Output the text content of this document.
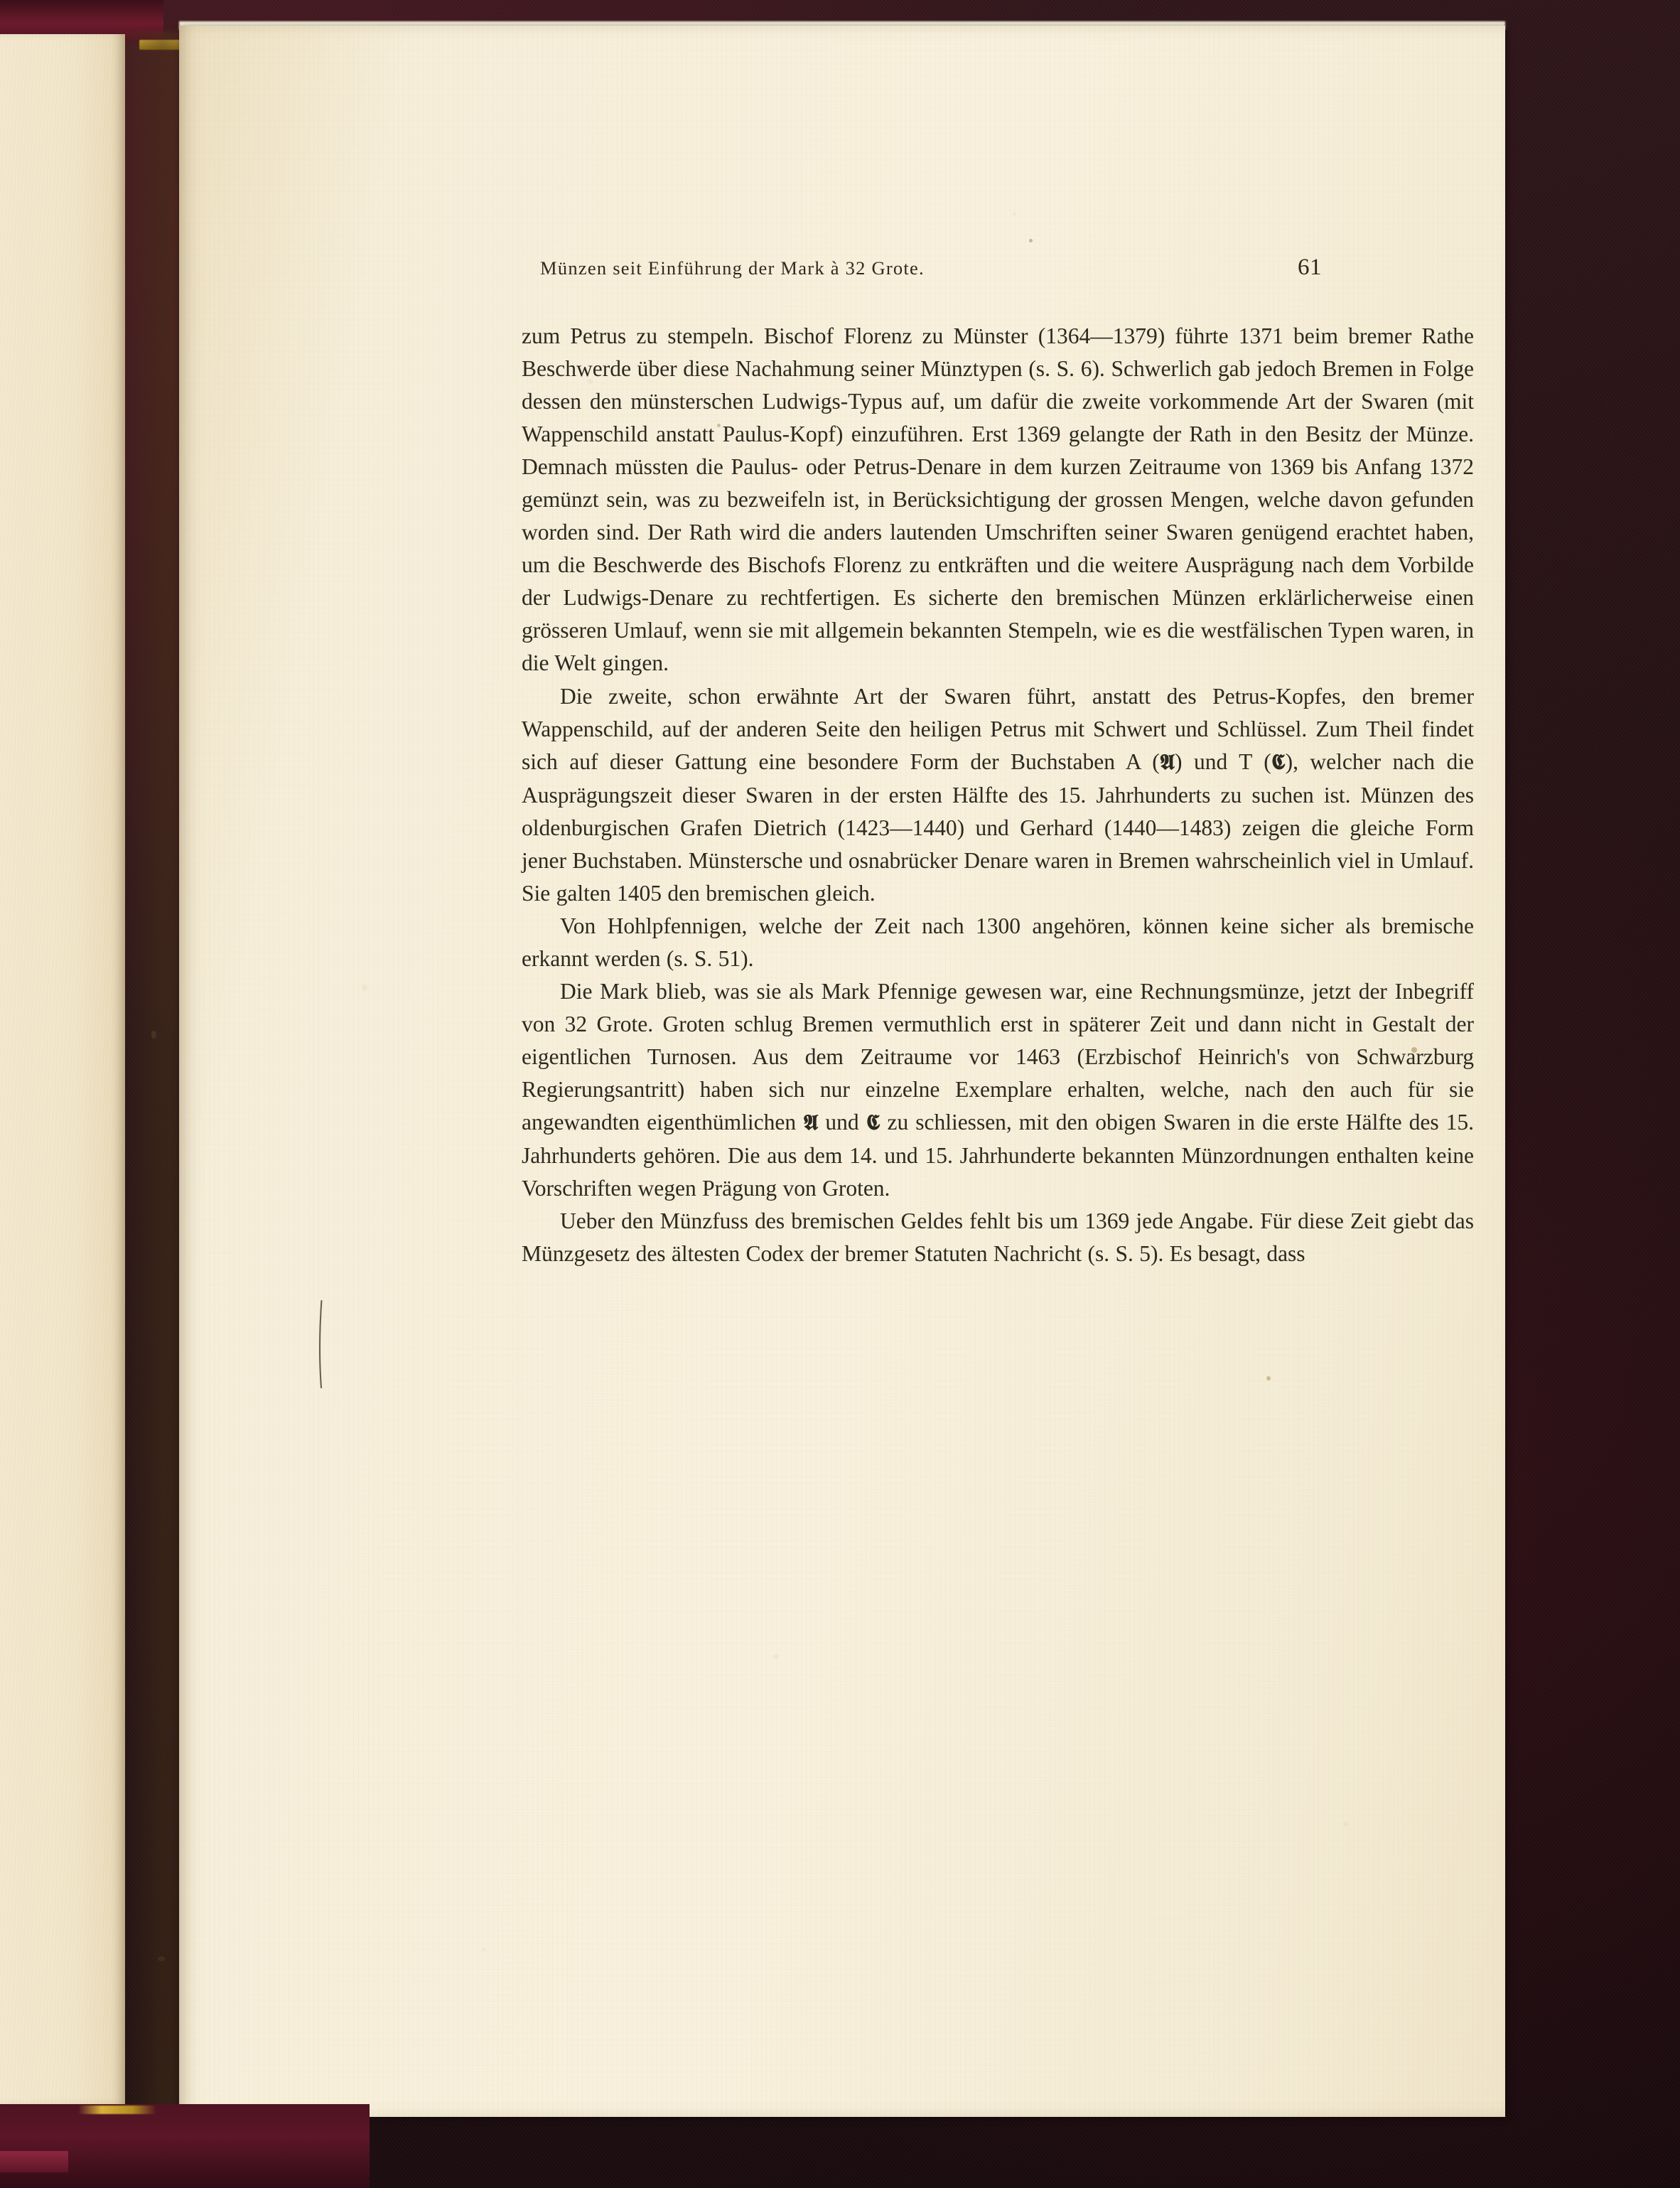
Münzen seit Einführung der Mark à 32 Grote.	61

zum Petrus zu stempeln. Bischof Florenz zu Münster (1364—1379) führte 1371 beim bremer Rathe Beschwerde über diese Nachahmung seiner Münztypen (s. S. 6). Schwerlich gab jedoch Bremen in Folge dessen den münsterschen Ludwigs-Typus auf, um dafür die zweite vorkommende Art der Swaren (mit Wappenschild anstatt Paulus-Kopf) einzuführen. Erst 1369 gelangte der Rath in den Besitz der Münze. Demnach müssten die Paulus- oder Petrus-Denare in dem kurzen Zeitraume von 1369 bis Anfang 1372 gemünzt sein, was zu bezweifeln ist, in Berücksichtigung der grossen Mengen, welche davon gefunden worden sind. Der Rath wird die anders lautenden Umschriften seiner Swaren genügend erachtet haben, um die Beschwerde des Bischofs Florenz zu entkräften und die weitere Ausprägung nach dem Vorbilde der Ludwigs-Denare zu rechtfertigen. Es sicherte den bremischen Münzen erklärlicherweise einen grösseren Umlauf, wenn sie mit allgemein bekannten Stempeln, wie es die westfälischen Typen waren, in die Welt gingen.

Die zweite, schon erwähnte Art der Swaren führt, anstatt des Petrus-Kopfes, den bremer Wappenschild, auf der anderen Seite den heiligen Petrus mit Schwert und Schlüssel. Zum Theil findet sich auf dieser Gattung eine besondere Form der Buchstaben A (𝕬) und T (𝕮), welcher nach die Ausprägungszeit dieser Swaren in der ersten Hälfte des 15. Jahrhunderts zu suchen ist. Münzen des oldenburgischen Grafen Dietrich (1423—1440) und Gerhard (1440—1483) zeigen die gleiche Form jener Buchstaben. Münstersche und osnabrücker Denare waren in Bremen wahrscheinlich viel in Umlauf. Sie galten 1405 den bremischen gleich.

Von Hohlpfennigen, welche der Zeit nach 1300 angehören, können keine sicher als bremische erkannt werden (s. S. 51).

Die Mark blieb, was sie als Mark Pfennige gewesen war, eine Rechnungsmünze, jetzt der Inbegriff von 32 Grote. Groten schlug Bremen vermuthlich erst in späterer Zeit und dann nicht in Gestalt der eigentlichen Turnosen. Aus dem Zeitraume vor 1463 (Erzbischof Heinrich's von Schwarzburg Regierungsantritt) haben sich nur einzelne Exemplare erhalten, welche, nach den auch für sie angewandten eigenthümlichen 𝕬 und 𝕮 zu schliessen, mit den obigen Swaren in die erste Hälfte des 15. Jahrhunderts gehören. Die aus dem 14. und 15. Jahrhunderte bekannten Münzordnungen enthalten keine Vorschriften wegen Prägung von Groten.

Ueber den Münzfuss des bremischen Geldes fehlt bis um 1369 jede Angabe. Für diese Zeit giebt das Münzgesetz des ältesten Codex der bremer Statuten Nachricht (s. S. 5). Es besagt, dass
